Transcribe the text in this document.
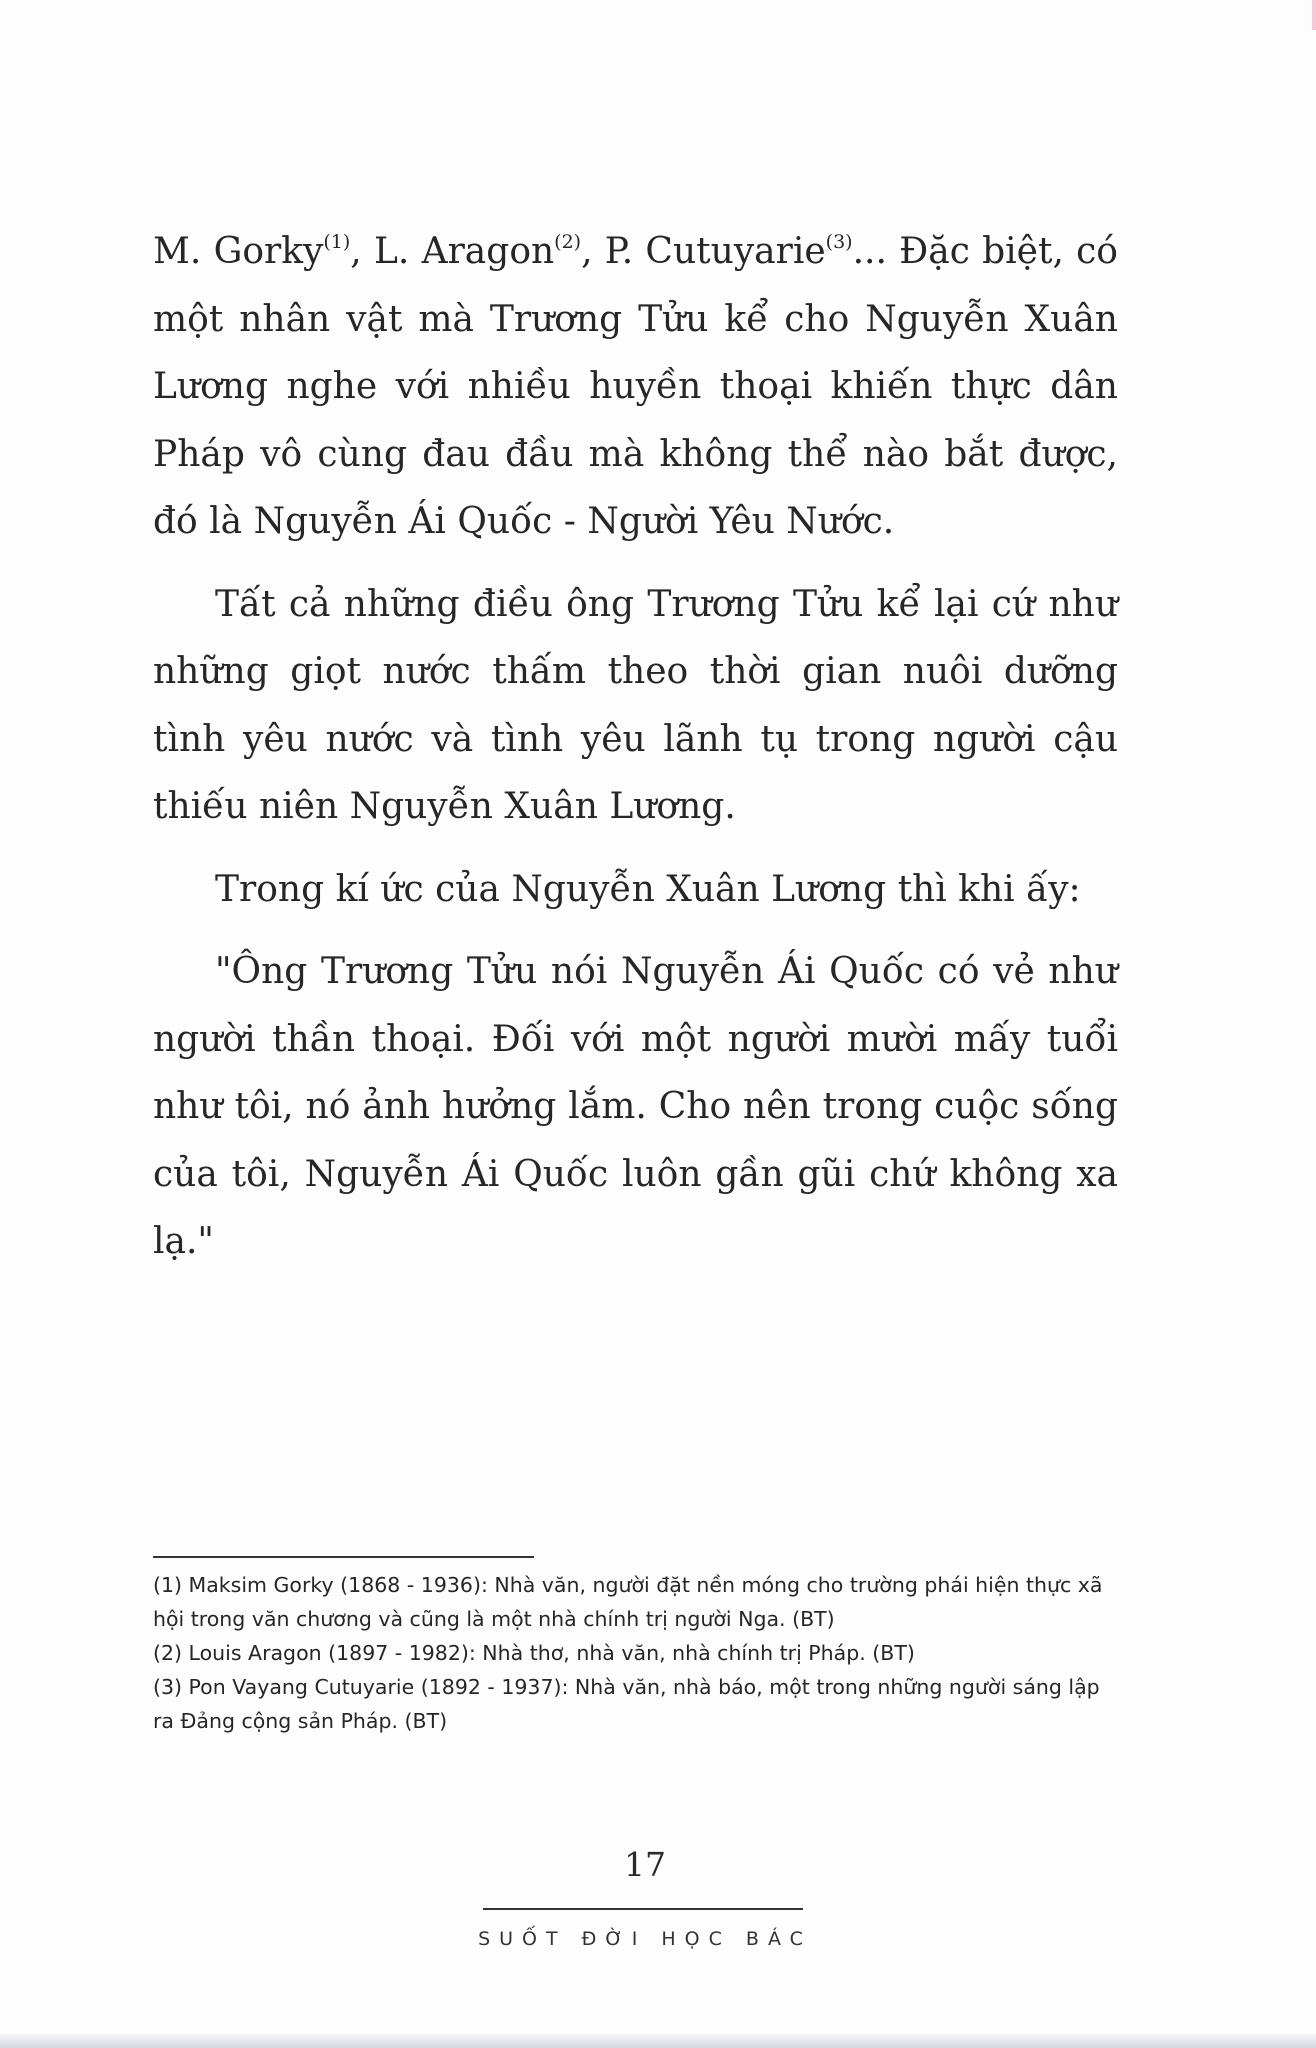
M. Gorky$^{(1)}$, L. Aragon$^{(2)}$, P. Cutuyarie$^{(3)}$... Đặc biệt, có một nhân vật mà Trương Tửu kể cho Nguyễn Xuân Lương nghe với nhiều huyền thoại khiến thực dân Pháp vô cùng đau đầu mà không thể nào bắt được, đó là Nguyễn Ái Quốc - Người Yêu Nước.

Tất cả những điều ông Trương Tửu kể lại cứ như những giọt nước thấm theo thời gian nuôi dưỡng tình yêu nước và tình yêu lãnh tụ trong người cậu thiếu niên Nguyễn Xuân Lương.

Trong kí ức của Nguyễn Xuân Lương thì khi ấy:

"Ông Trương Tửu nói Nguyễn Ái Quốc có vẻ như người thần thoại. Đối với một người mười mấy tuổi như tôi, nó ảnh hưởng lắm. Cho nên trong cuộc sống của tôi, Nguyễn Ái Quốc luôn gần gũi chứ không xa lạ."

(1) Maksim Gorky (1868 - 1936): Nhà văn, người đặt nền móng cho trường phái hiện thực xã hội trong văn chương và cũng là một nhà chính trị người Nga. (BT)
(2) Louis Aragon (1897 - 1982): Nhà thơ, nhà văn, nhà chính trị Pháp. (BT)
(3) Pon Vayang Cutuyarie (1892 - 1937): Nhà văn, nhà báo, một trong những người sáng lập ra Đảng cộng sản Pháp. (BT)
17
SUỐT ĐỜI HỌC BÁC
